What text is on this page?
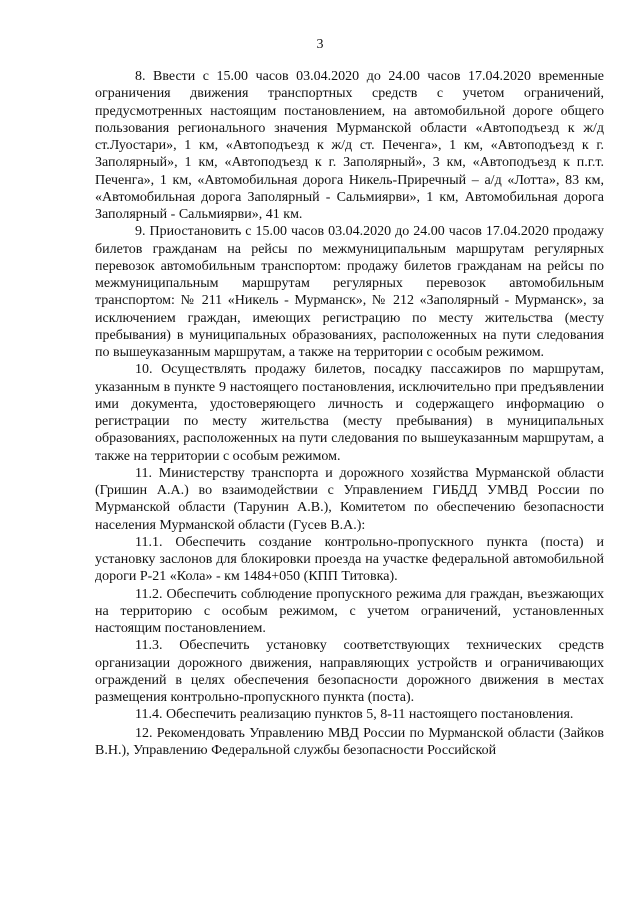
3

8. Ввести с 15.00 часов 03.04.2020 до 24.00 часов 17.04.2020 временные ограничения движения транспортных средств с учетом ограничений, предусмотренных настоящим постановлением, на автомобильной дороге общего пользования регионального значения Мурманской области «Автоподъезд к ж/д ст.Луостари», 1 км, «Автоподъезд к ж/д ст. Печенга», 1 км, «Автоподъезд к г. Заполярный», 1 км, «Автоподъезд к г. Заполярный», 3 км, «Автоподъезд к п.г.т. Печенга», 1 км, «Автомобильная дорога Никель-Приречный – а/д «Лотта», 83 км, «Автомобильная дорога Заполярный - Сальмиярви», 1 км, Автомобильная дорога Заполярный - Сальмиярви», 41 км.

9. Приостановить с 15.00 часов 03.04.2020 до 24.00 часов 17.04.2020 продажу билетов гражданам на рейсы по межмуниципальным маршрутам регулярных перевозок автомобильным транспортом: продажу билетов гражданам на рейсы по межмуниципальным маршрутам регулярных перевозок автомобильным транспортом: № 211 «Никель - Мурманск», № 212 «Заполярный - Мурманск», за исключением граждан, имеющих регистрацию по месту жительства (месту пребывания) в муниципальных образованиях, расположенных на пути следования по вышеуказанным маршрутам, а также на территории с особым режимом.

10. Осуществлять продажу билетов, посадку пассажиров по маршрутам, указанным в пункте 9 настоящего постановления, исключительно при предъявлении ими документа, удостоверяющего личность и содержащего информацию о регистрации по месту жительства (месту пребывания) в муниципальных образованиях, расположенных на пути следования по вышеуказанным маршрутам, а также на территории с особым режимом.

11. Министерству транспорта и дорожного хозяйства Мурманской области (Гришин А.А.) во взаимодействии с Управлением ГИБДД УМВД России по Мурманской области (Тарунин А.В.), Комитетом по обеспечению безопасности населения Мурманской области (Гусев В.А.):

11.1. Обеспечить создание контрольно-пропускного пункта (поста) и установку заслонов для блокировки проезда на участке федеральной автомобильной дороги Р-21 «Кола» - км 1484+050 (КПП Титовка).

11.2. Обеспечить соблюдение пропускного режима для граждан, въезжающих на территорию с особым режимом, с учетом ограничений, установленных настоящим постановлением.

11.3. Обеспечить установку соответствующих технических средств организации дорожного движения, направляющих устройств и ограничивающих ограждений в целях обеспечения безопасности дорожного движения в местах размещения контрольно-пропускного пункта (поста).

11.4. Обеспечить реализацию пунктов 5, 8-11 настоящего постановления.

12. Рекомендовать Управлению МВД России по Мурманской области (Зайков В.Н.), Управлению Федеральной службы безопасности Российской
